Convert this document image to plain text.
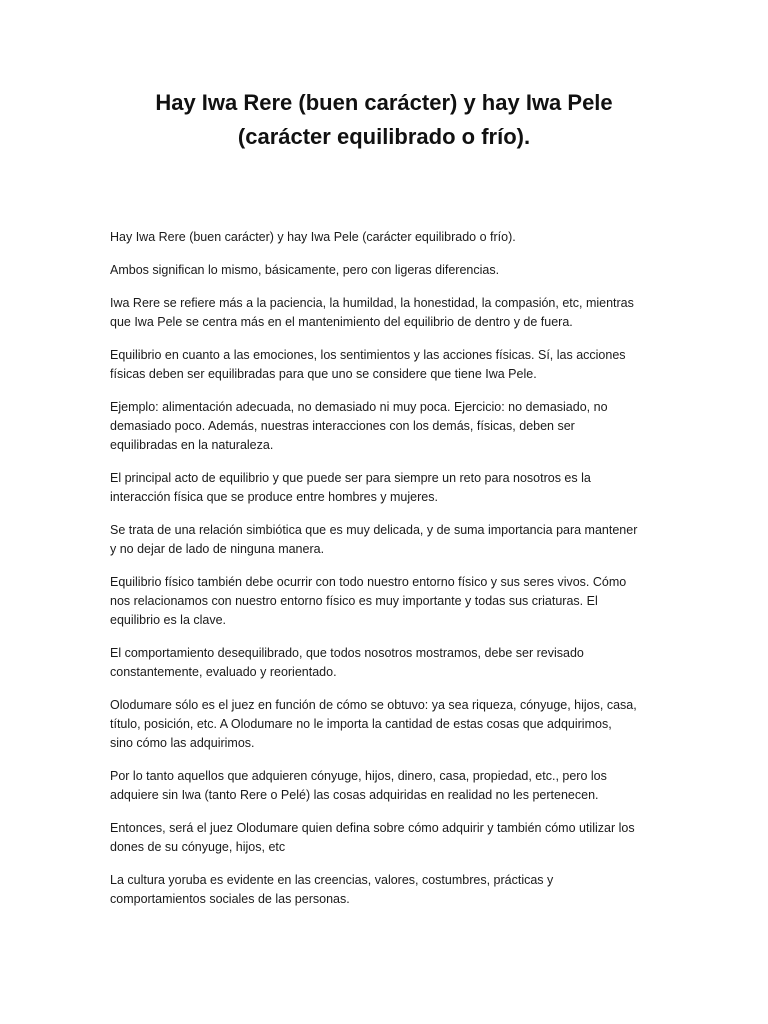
Hay Iwa Rere (buen carácter) y hay Iwa Pele (carácter equilibrado o frío).

Hay Iwa Rere (buen carácter) y hay Iwa Pele (carácter equilibrado o frío).

Ambos significan lo mismo, básicamente, pero con ligeras diferencias.

Iwa Rere se refiere más a la paciencia, la humildad, la honestidad, la compasión, etc, mientras
que Iwa Pele se centra más en el mantenimiento del equilibrio de dentro y de fuera.

Equilibrio en cuanto a las emociones, los sentimientos y las acciones físicas. Sí, las acciones
físicas deben ser equilibradas para que uno se considere que tiene Iwa Pele.

Ejemplo: alimentación adecuada, no demasiado ni muy poca. Ejercicio: no demasiado, no
demasiado poco. Además, nuestras interacciones con los demás, físicas, deben ser
equilibradas en la naturaleza.

El principal acto de equilibrio y que puede ser para siempre un reto para nosotros es la
interacción física que se produce entre hombres y mujeres.

Se trata de una relación simbiótica que es muy delicada, y de suma importancia para mantener
y no dejar de lado de ninguna manera.

Equilibrio físico también debe ocurrir con todo nuestro entorno físico y sus seres vivos. Cómo
nos relacionamos con nuestro entorno físico es muy importante y todas sus criaturas. El
equilibrio es la clave.

El comportamiento desequilibrado, que todos nosotros mostramos, debe ser revisado
constantemente, evaluado y reorientado.

Olodumare sólo es el juez en función de cómo se obtuvo: ya sea riqueza, cónyuge, hijos, casa,
título, posición, etc. A Olodumare no le importa la cantidad de estas cosas que adquirimos,
sino cómo las adquirimos.

Por lo tanto aquellos que adquieren cónyuge, hijos, dinero, casa, propiedad, etc., pero los
adquiere sin Iwa (tanto Rere o Pelé) las cosas adquiridas en realidad no les pertenecen.

Entonces, será el juez Olodumare quien defina sobre cómo adquirir y también cómo utilizar los
dones de su cónyuge, hijos, etc

La cultura yoruba es evidente en las creencias, valores, costumbres, prácticas y
comportamientos sociales de las personas.
